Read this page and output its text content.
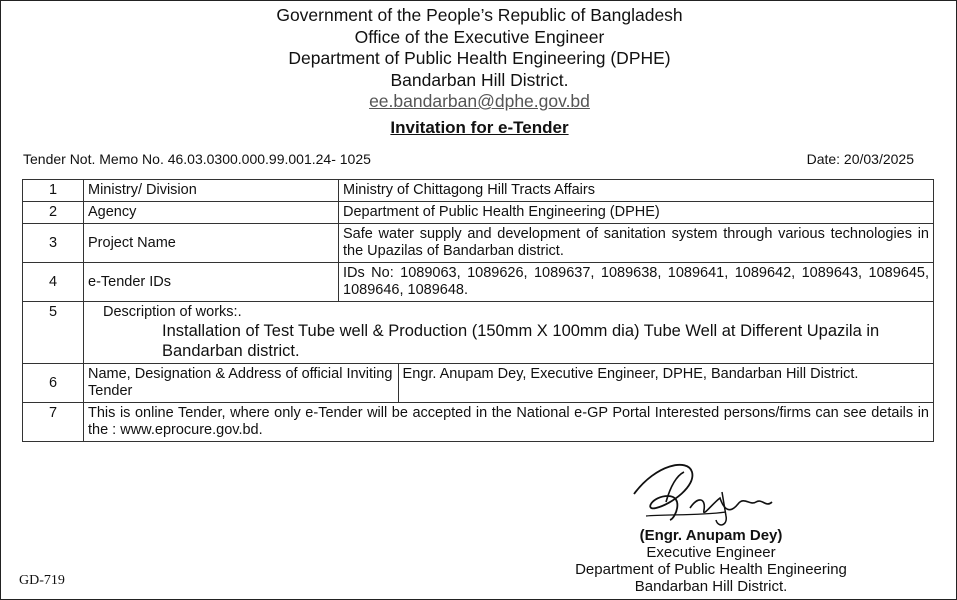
Government of the People’s Republic of Bangladesh
Office of the Executive Engineer
Department of Public Health Engineering (DPHE)
Bandarban Hill District.
ee.bandarban@dphe.gov.bd
Invitation for e-Tender
Tender Not. Memo No. 46.03.0300.000.99.001.24- 1025	Date: 20/03/2025
1	Ministry/ Division	Ministry of Chittagong Hill Tracts Affairs	
2	Agency	Department of Public Health Engineering (DPHE)	
3	Project Name	Safe water supply and development of sanitation system through various technologies in the Upazilas of Bandarban district.	
4	e-Tender IDs	IDs No: 1089063, 1089626, 1089637, 1089638, 1089641, 1089642, 1089643, 1089645, 1089646, 1089648.	
5	Description of works:.
Installation of Test Tube well & Production (150mm X 100mm dia) Tube Well at Different Upazila in Bandarban district.		

6	Name, Designation & Address of official Inviting Tender		Engr. Anupam Dey, Executive Engineer, DPHE, Bandarban Hill District.
7	This is online Tender, where only e-Tender will be accepted in the National e-GP Portal Interested persons/firms can see details in the : www.eprocure.gov.bd.		
(Engr. Anupam Dey)
Executive Engineer
Department of Public Health Engineering
Bandarban Hill District.
GD-719
